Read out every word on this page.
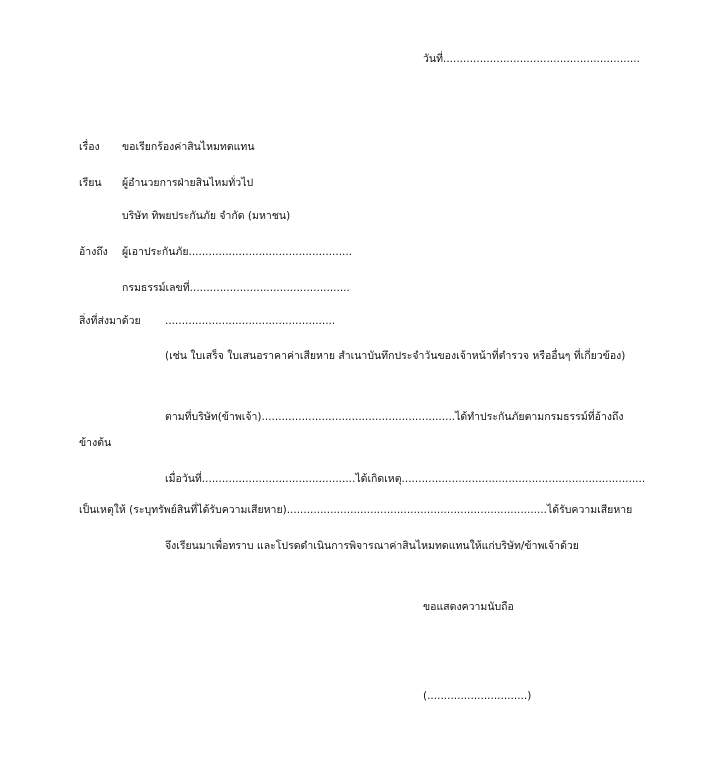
วันที่...........................................................
เรื่อง ขอเรียกร้องค่าสินไหมทดแทน
เรียน ผู้อำนวยการฝ่ายสินไหมทั่วไป
บริษัท ทิพยประกันภัย จำกัด (มหาชน)
อ้างถึง ผู้เอาประกันภัย.................................................
กรมธรรม์เลขที่................................................
สิ่งที่ส่งมาด้วย ...................................................
(เช่น ใบเสร็จ ใบเสนอราคาค่าเสียหาย สำเนาบันทึกประจำวันของเจ้าหน้าที่ตำรวจ หรืออื่นๆ ที่เกี่ยวข้อง)
ตามที่บริษัท(ข้าพเจ้า)..........................................................ได้ทำประกันภัยตามกรมธรรม์ที่อ้างถึง
ข้างต้น
เมื่อวันที่..............................................ได้เกิดเหตุ.........................................................................
เป็นเหตุให้ (ระบุทรัพย์สินที่ได้รับความเสียหาย)..............................................................................ได้รับความเสียหาย
จึงเรียนมาเพื่อทราบ และโปรดดำเนินการพิจารณาค่าสินไหมทดแทนให้แก่บริษัท/ข้าพเจ้าด้วย
ขอแสดงความนับถือ
(..............................)
